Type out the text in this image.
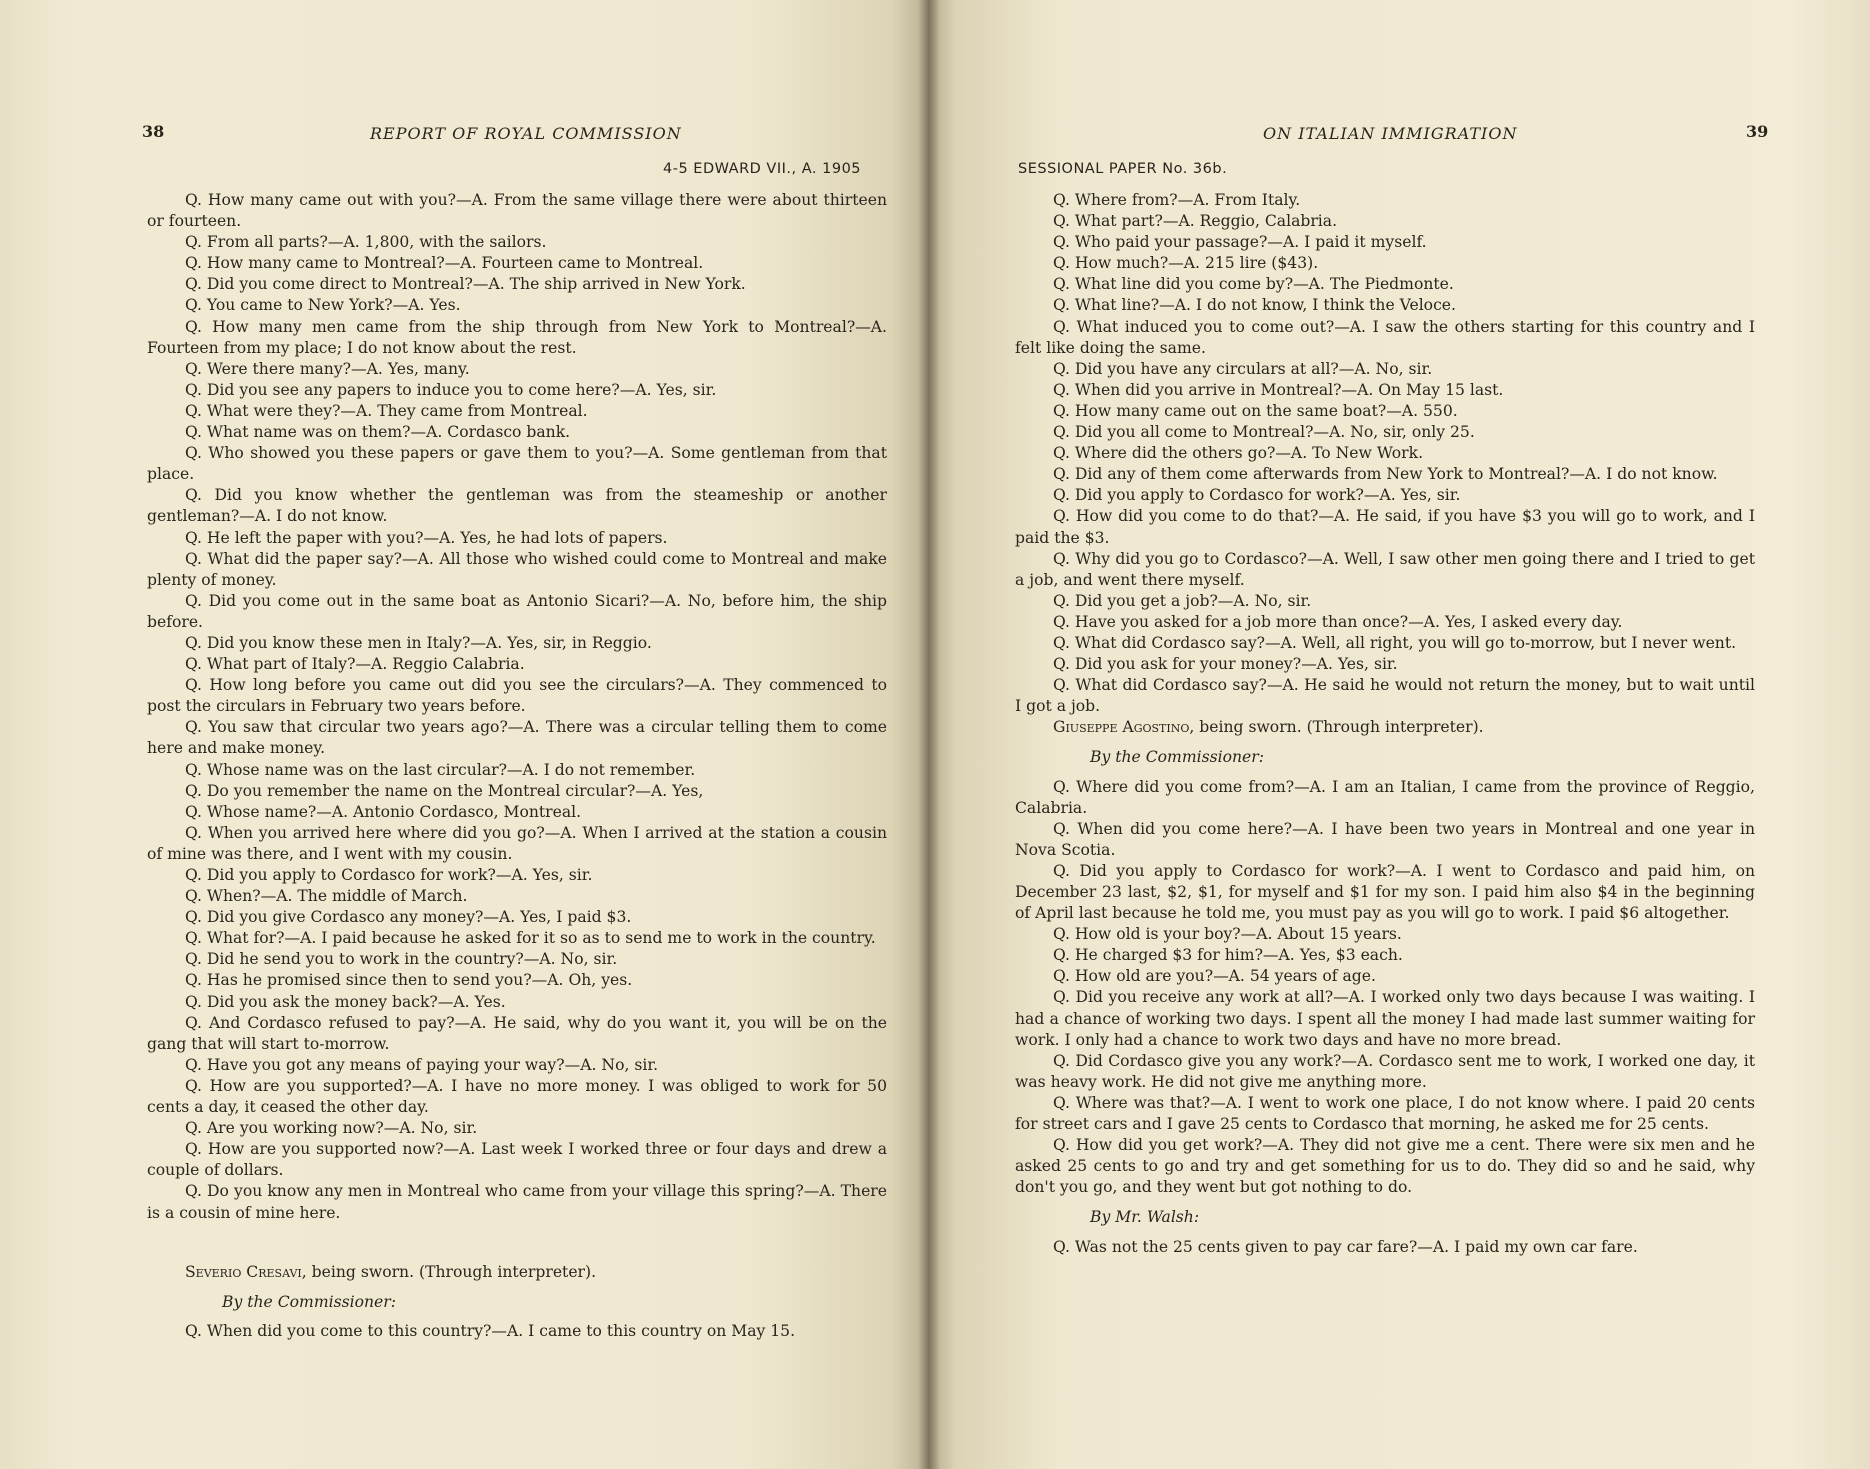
38	REPORT OF ROYAL COMMISSION
4-5 EDWARD VII., A. 1905

Q. How many came out with you?—A. From the same village there were about thirteen or fourteen.

Q. From all parts?—A. 1,800, with the sailors.

Q. How many came to Montreal?—A. Fourteen came to Montreal.

Q. Did you come direct to Montreal?—A. The ship arrived in New York.

Q. You came to New York?—A. Yes.

Q. How many men came from the ship through from New York to Montreal?—A. Fourteen from my place; I do not know about the rest.

Q. Were there many?—A. Yes, many.

Q. Did you see any papers to induce you to come here?—A. Yes, sir.

Q. What were they?—A. They came from Montreal.

Q. What name was on them?—A. Cordasco bank.

Q. Who showed you these papers or gave them to you?—A. Some gentleman from that place.

Q. Did you know whether the gentleman was from the steameship or another gentleman?—A. I do not know.

Q. He left the paper with you?—A. Yes, he had lots of papers.

Q. What did the paper say?—A. All those who wished could come to Montreal and make plenty of money.

Q. Did you come out in the same boat as Antonio Sicari?—A. No, before him, the ship before.

Q. Did you know these men in Italy?—A. Yes, sir, in Reggio.

Q. What part of Italy?—A. Reggio Calabria.

Q. How long before you came out did you see the circulars?—A. They commenced to post the circulars in February two years before.

Q. You saw that circular two years ago?—A. There was a circular telling them to come here and make money.

Q. Whose name was on the last circular?—A. I do not remember.

Q. Do you remember the name on the Montreal circular?—A. Yes,

Q. Whose name?—A. Antonio Cordasco, Montreal.

Q. When you arrived here where did you go?—A. When I arrived at the station a cousin of mine was there, and I went with my cousin.

Q. Did you apply to Cordasco for work?—A. Yes, sir.

Q. When?—A. The middle of March.

Q. Did you give Cordasco any money?—A. Yes, I paid $3.

Q. What for?—A. I paid because he asked for it so as to send me to work in the country.

Q. Did he send you to work in the country?—A. No, sir.

Q. Has he promised since then to send you?—A. Oh, yes.

Q. Did you ask the money back?—A. Yes.

Q. And Cordasco refused to pay?—A. He said, why do you want it, you will be on the gang that will start to-morrow.

Q. Have you got any means of paying your way?—A. No, sir.

Q. How are you supported?—A. I have no more money. I was obliged to work for 50 cents a day, it ceased the other day.

Q. Are you working now?—A. No, sir.

Q. How are you supported now?—A. Last week I worked three or four days and drew a couple of dollars.

Q. Do you know any men in Montreal who came from your village this spring?—A. There is a cousin of mine here.

Severio Cresavi, being sworn. (Through interpreter).

By the Commissioner:

Q. When did you come to this country?—A. I came to this country on May 15.

ON ITALIAN IMMIGRATION	39
SESSIONAL PAPER No. 36b.

Q. Where from?—A. From Italy.

Q. What part?—A. Reggio, Calabria.

Q. Who paid your passage?—A. I paid it myself.

Q. How much?—A. 215 lire ($43).

Q. What line did you come by?—A. The Piedmonte.

Q. What line?—A. I do not know, I think the Veloce.

Q. What induced you to come out?—A. I saw the others starting for this country and I felt like doing the same.

Q. Did you have any circulars at all?—A. No, sir.

Q. When did you arrive in Montreal?—A. On May 15 last.

Q. How many came out on the same boat?—A. 550.

Q. Did you all come to Montreal?—A. No, sir, only 25.

Q. Where did the others go?—A. To New Work.

Q. Did any of them come afterwards from New York to Montreal?—A. I do not know.

Q. Did you apply to Cordasco for work?—A. Yes, sir.

Q. How did you come to do that?—A. He said, if you have $3 you will go to work, and I paid the $3.

Q. Why did you go to Cordasco?—A. Well, I saw other men going there and I tried to get a job, and went there myself.

Q. Did you get a job?—A. No, sir.

Q. Have you asked for a job more than once?—A. Yes, I asked every day.

Q. What did Cordasco say?—A. Well, all right, you will go to-morrow, but I never went.

Q. Did you ask for your money?—A. Yes, sir.

Q. What did Cordasco say?—A. He said he would not return the money, but to wait until I got a job.

Giuseppe Agostino, being sworn. (Through interpreter).

By the Commissioner:

Q. Where did you come from?—A. I am an Italian, I came from the province of Reggio, Calabria.

Q. When did you come here?—A. I have been two years in Montreal and one year in Nova Scotia.

Q. Did you apply to Cordasco for work?—A. I went to Cordasco and paid him, on December 23 last, $2, $1, for myself and $1 for my son. I paid him also $4 in the beginning of April last because he told me, you must pay as you will go to work. I paid $6 altogether.

Q. How old is your boy?—A. About 15 years.

Q. He charged $3 for him?—A. Yes, $3 each.

Q. How old are you?—A. 54 years of age.

Q. Did you receive any work at all?—A. I worked only two days because I was waiting. I had a chance of working two days. I spent all the money I had made last summer waiting for work. I only had a chance to work two days and have no more bread.

Q. Did Cordasco give you any work?—A. Cordasco sent me to work, I worked one day, it was heavy work. He did not give me anything more.

Q. Where was that?—A. I went to work one place, I do not know where. I paid 20 cents for street cars and I gave 25 cents to Cordasco that morning, he asked me for 25 cents.

Q. How did you get work?—A. They did not give me a cent. There were six men and he asked 25 cents to go and try and get something for us to do. They did so and he said, why don't you go, and they went but got nothing to do.

By Mr. Walsh:

Q. Was not the 25 cents given to pay car fare?—A. I paid my own car fare.
